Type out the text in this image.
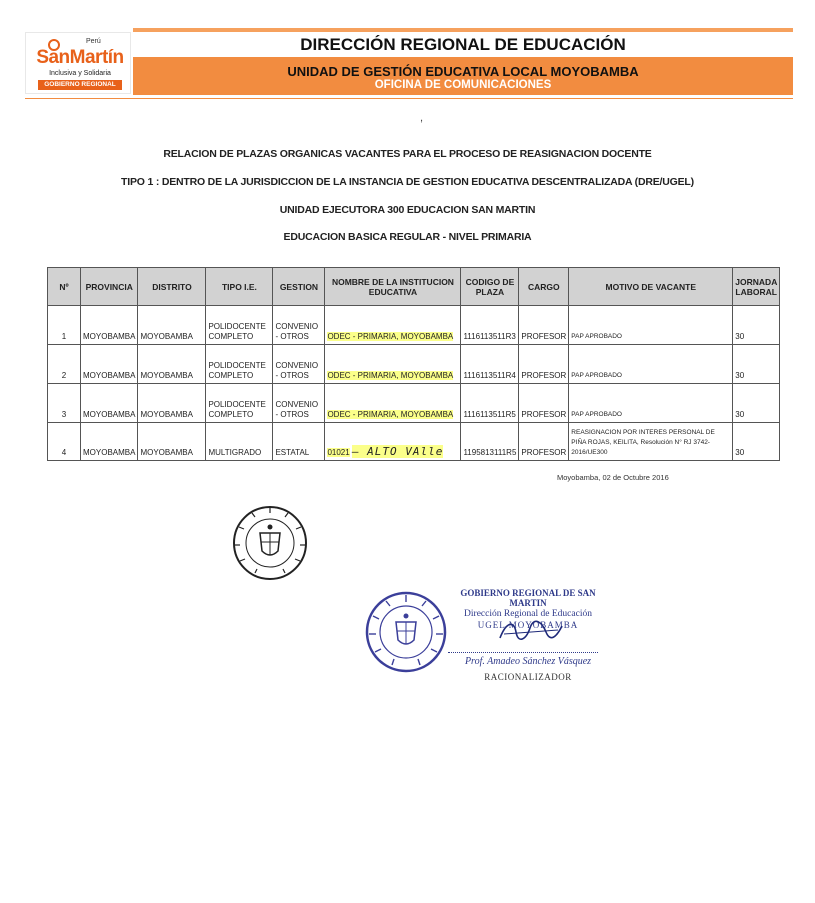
Perú
SanMartín
Inclusiva y Solidaria
GOBIERNO REGIONAL
DIRECCIÓN REGIONAL DE EDUCACIÓN
UNIDAD DE GESTIÓN EDUCATIVA LOCAL MOYOBAMBA
OFICINA DE COMUNICACIONES
,
RELACION DE PLAZAS ORGANICAS VACANTES PARA EL PROCESO DE REASIGNACION DOCENTE
TIPO 1 : DENTRO DE LA JURISDICCION DE LA INSTANCIA DE GESTION EDUCATIVA DESCENTRALIZADA (DRE/UGEL)
UNIDAD EJECUTORA 300 EDUCACION SAN MARTIN
EDUCACION BASICA REGULAR - NIVEL PRIMARIA
Nº	PROVINCIA	DISTRITO	TIPO I.E.	GESTION	NOMBRE DE LA INSTITUCION EDUCATIVA	CODIGO DE PLAZA	CARGO	MOTIVO DE VACANTE	JORNADA LABORAL
1	MOYOBAMBA	MOYOBAMBA	POLIDOCENTE COMPLETO	CONVENIO - OTROS	ODEC - PRIMARIA, MOYOBAMBA	1116113511R3	PROFESOR	PAP APROBADO	30
2	MOYOBAMBA	MOYOBAMBA	POLIDOCENTE COMPLETO	CONVENIO - OTROS	ODEC - PRIMARIA, MOYOBAMBA	1116113511R4	PROFESOR	PAP APROBADO	30
3	MOYOBAMBA	MOYOBAMBA	POLIDOCENTE COMPLETO	CONVENIO - OTROS	ODEC - PRIMARIA, MOYOBAMBA	1116113511R5	PROFESOR	PAP APROBADO	30
4	MOYOBAMBA	MOYOBAMBA	MULTIGRADO	ESTATAL	01021 – ALTO VAlle	1195813111R5	PROFESOR	REASIGNACION POR INTERES PERSONAL DE PIÑA ROJAS, KEILITA, Resolución N° RJ 3742-2016/UE300	30
Moyobamba, 02 de Octubre 2016
GOBIERNO REGIONAL DE SAN MARTIN
Dirección Regional de Educación
UGEL MOYOBAMBA
Prof. Amadeo Sánchez Vásquez
RACIONALIZADOR
